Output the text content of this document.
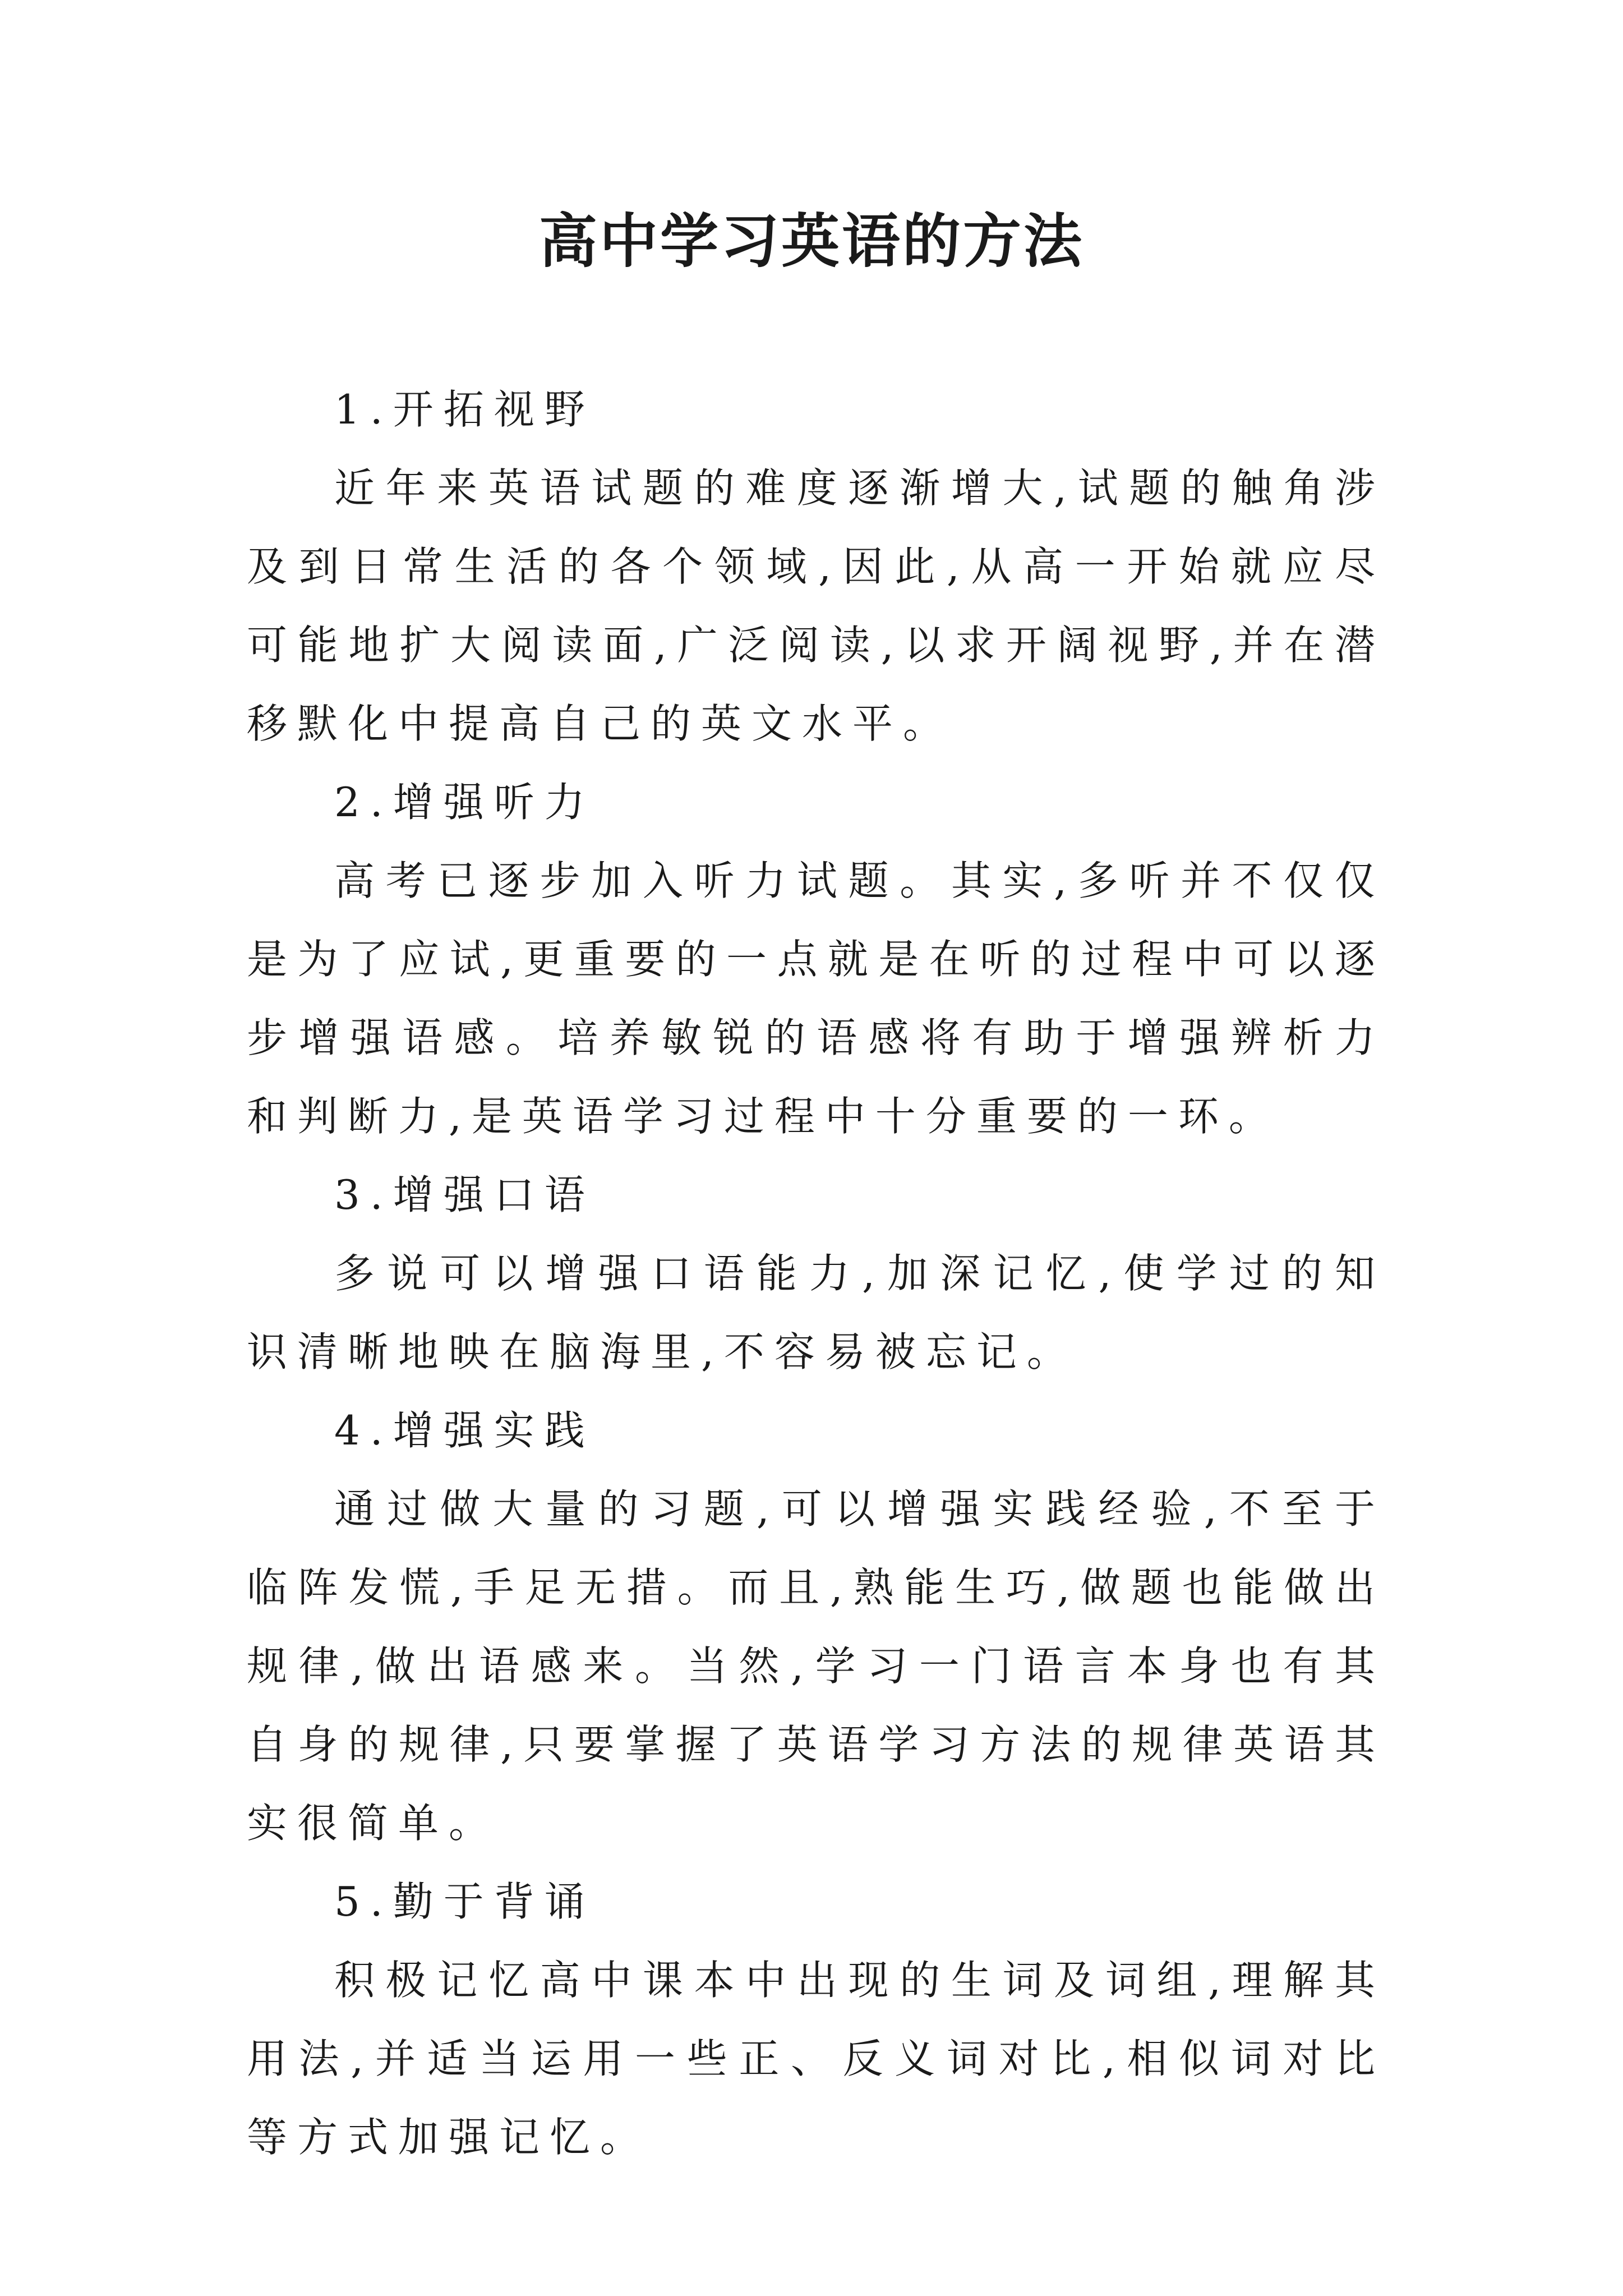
高中学习英语的方法

1.开拓视野

近年来英语试题的难度逐渐增大,试题的触角涉及到日常生活的各个领域,因此,从高一开始就应尽可能地扩大阅读面,广泛阅读,以求开阔视野,并在潜移默化中提高自己的英文水平。

2.增强听力

高考已逐步加入听力试题。其实,多听并不仅仅是为了应试,更重要的一点就是在听的过程中可以逐步增强语感。培养敏锐的语感将有助于增强辨析力和判断力,是英语学习过程中十分重要的一环。

3.增强口语

多说可以增强口语能力,加深记忆,使学过的知识清晰地映在脑海里,不容易被忘记。

4.增强实践

通过做大量的习题,可以增强实践经验,不至于临阵发慌,手足无措。而且,熟能生巧,做题也能做出规律,做出语感来。当然,学习一门语言本身也有其自身的规律,只要掌握了英语学习方法的规律英语其实很简单。

5.勤于背诵

积极记忆高中课本中出现的生词及词组,理解其用法,并适当运用一些正、反义词对比,相似词对比等方式加强记忆。
